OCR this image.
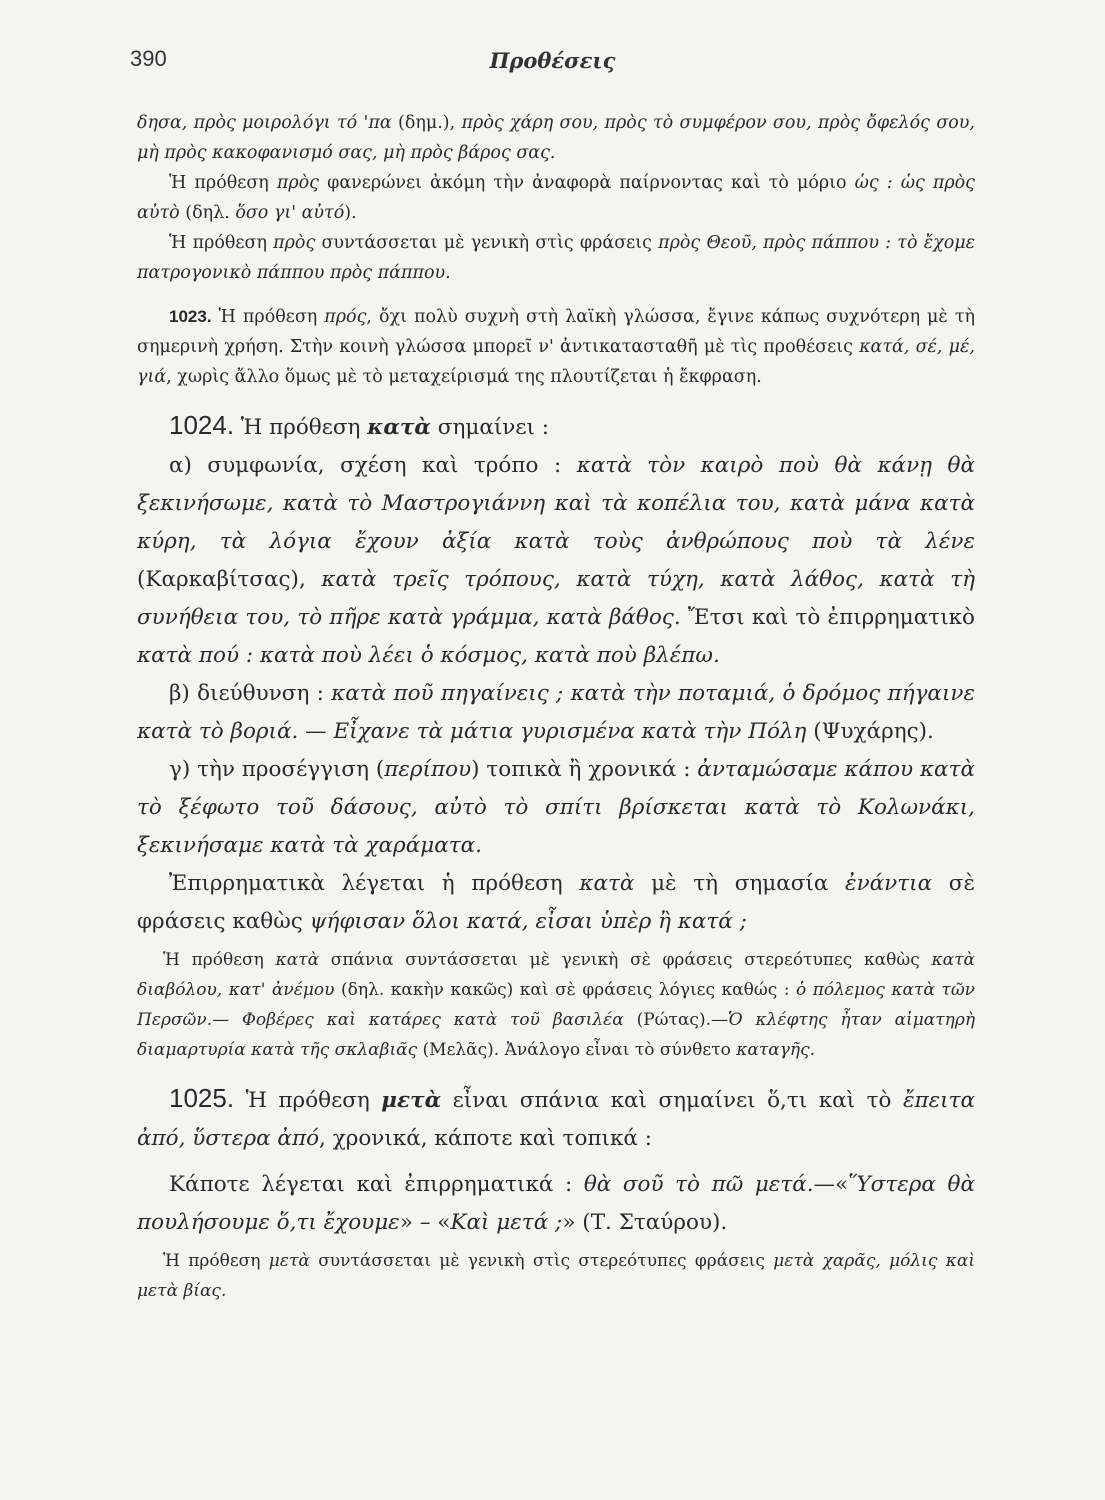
390	Προθέσεις

δησα, πρὸς μοιρολόγι τό 'πα (δημ.), πρὸς χάρη σου, πρὸς τὸ συμφέρον σου, πρὸς ὄφελός σου, μὴ πρὸς κακοφανισμό σας, μὴ πρὸς βάρος σας.

Ἡ πρόθεση πρὸς φανερώνει ἀκόμη τὴν ἀναφορὰ παίρνοντας καὶ τὸ μόριο ὡς : ὡς πρὸς αὐτὸ (δηλ. ὅσο γι' αὐτό).

Ἡ πρόθεση πρὸς συντάσσεται μὲ γενικὴ στὶς φράσεις πρὸς Θεοῦ, πρὸς πάππου : τὸ ἔχομε πατρογονικὸ πάππου πρὸς πάππου.

1023. Ἡ πρόθεση πρός, ὄχι πολὺ συχνὴ στὴ λαϊκὴ γλώσσα, ἔγινε κάπως συχνότερη μὲ τὴ σημερινὴ χρήση. Στὴν κοινὴ γλώσσα μπορεῖ ν' ἀντικατασταθῆ μὲ τὶς προθέσεις κατά, σέ, μέ, γιά, χωρὶς ἄλλο ὅμως μὲ τὸ μεταχείρισμά της πλουτίζεται ἡ ἔκφραση.

1024. Ἡ πρόθεση κατὰ σημαίνει :

α) συμφωνία, σχέση καὶ τρόπο : κατὰ τὸν καιρὸ ποὺ θὰ κάνῃ θὰ ξεκινήσωμε, κατὰ τὸ Μαστρογιάννη καὶ τὰ κοπέλια του, κατὰ μάνα κατὰ κύρη, τὰ λόγια ἔχουν ἀξία κατὰ τοὺς ἀνθρώπους ποὺ τὰ λένε (Καρκαβίτσας), κατὰ τρεῖς τρόπους, κατὰ τύχη, κατὰ λάθος, κατὰ τὴ συνήθεια του, τὸ πῆρε κατὰ γράμμα, κατὰ βάθος. Ἔτσι καὶ τὸ ἐπιρρηματικὸ κατὰ πού : κατὰ ποὺ λέει ὁ κόσμος, κατὰ ποὺ βλέπω.

β) διεύθυνση : κατὰ ποῦ πηγαίνεις ; κατὰ τὴν ποταμιά, ὁ δρόμος πήγαινε κατὰ τὸ βοριά. — Εἶχανε τὰ μάτια γυρισμένα κατὰ τὴν Πόλη (Ψυχάρης).

γ) τὴν προσέγγιση (περίπου) τοπικὰ ἢ χρονικά : ἀνταμώσαμε κάπου κατὰ τὸ ξέφωτο τοῦ δάσους, αὐτὸ τὸ σπίτι βρίσκεται κατὰ τὸ Κολωνάκι, ξεκινήσαμε κατὰ τὰ χαράματα.

Ἐπιρρηματικὰ λέγεται ἡ πρόθεση κατὰ μὲ τὴ σημασία ἐνάντια σὲ φράσεις καθὼς ψήφισαν ὅλοι κατά, εἶσαι ὑπὲρ ἢ κατά ;

Ἡ πρόθεση κατὰ σπάνια συντάσσεται μὲ γενικὴ σὲ φράσεις στερεότυπες καθὼς κατὰ διαβόλου, κατ' ἀνέμου (δηλ. κακὴν κακῶς) καὶ σὲ φράσεις λόγιες καθώς : ὁ πόλεμος κατὰ τῶν Περσῶν.— Φοβέρες καὶ κατάρες κατὰ τοῦ βασιλέα (Ρώτας).—Ὁ κλέφτης ἦταν αἱματηρὴ διαμαρτυρία κατὰ τῆς σκλαβιᾶς (Μελᾶς). Ἀνάλογο εἶναι τὸ σύνθετο καταγῆς.

1025. Ἡ πρόθεση μετὰ εἶναι σπάνια καὶ σημαίνει ὅ,τι καὶ τὸ ἔπειτα ἀπό, ὕστερα ἀπό, χρονικά, κάποτε καὶ τοπικά :

Κάποτε λέγεται καὶ ἐπιρρηματικά : θὰ σοῦ τὸ πῶ μετά.—«Ὕστερα θὰ πουλήσουμε ὅ,τι ἔχουμε» – «Καὶ μετά ;» (Τ. Σταύρου).

Ἡ πρόθεση μετὰ συντάσσεται μὲ γενικὴ στὶς στερεότυπες φράσεις μετὰ χαρᾶς, μόλις καὶ μετὰ βίας.
